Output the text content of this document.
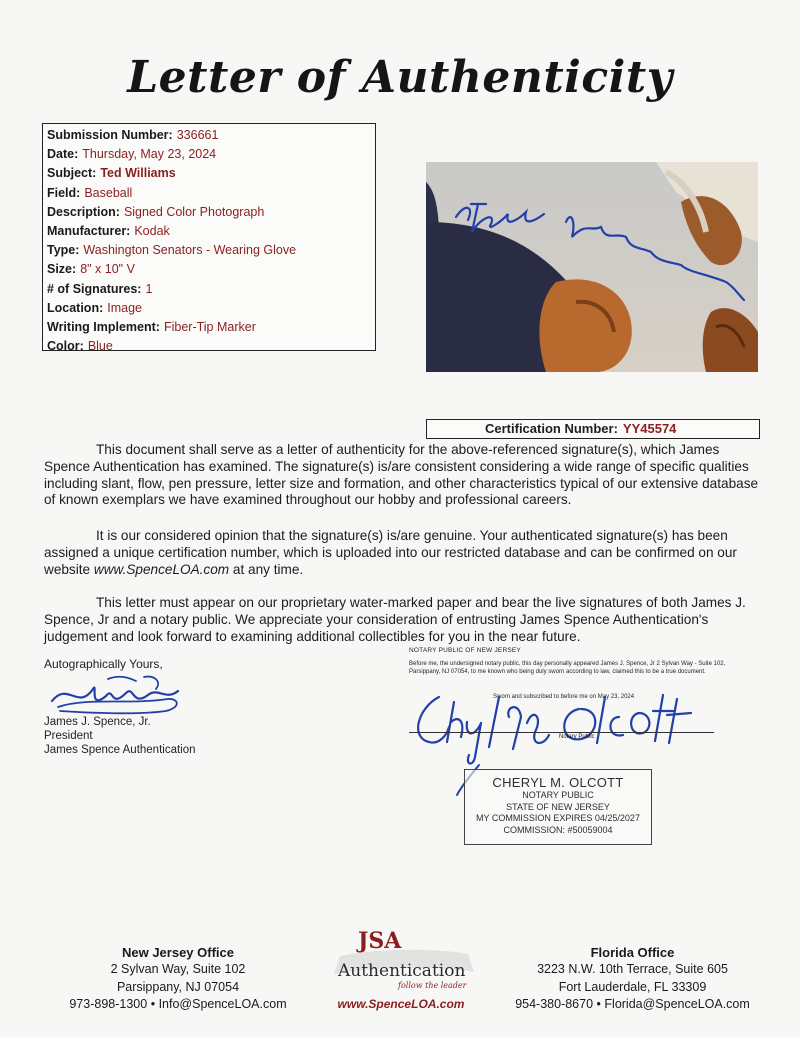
Letter of Authenticity
Submission Number: 336661
Date: Thursday, May 23, 2024
Subject: Ted Williams
Field: Baseball
Description: Signed Color Photograph
Manufacturer: Kodak
Type: Washington Senators - Wearing Glove
Size: 8" x 10" V
# of Signatures: 1
Location: Image
Writing Implement: Fiber-Tip Marker
Color: Blue
Certification Number: YY45574
This document shall serve as a letter of authenticity for the above-referenced signature(s), which James Spence Authentication has examined. The signature(s) is/are consistent considering a wide range of specific qualities including slant, flow, pen pressure, letter size and formation, and other characteristics typical of our extensive database of known exemplars we have examined throughout our hobby and professional careers.
It is our considered opinion that the signature(s) is/are genuine. Your authenticated signature(s) has been assigned a unique certification number, which is uploaded into our restricted database and can be confirmed on our website www.SpenceLOA.com at any time.
This letter must appear on our proprietary water-marked paper and bear the live signatures of both James J. Spence, Jr and a notary public. We appreciate your consideration of entrusting James Spence Authentication's judgement and look forward to examining additional collectibles for you in the near future.
Autographically Yours,
James J. Spence, Jr.
President
James Spence Authentication
NOTARY PUBLIC OF NEW JERSEY
Before me, the undersigned notary public, this day personally appeared James J. Spence, Jr 2 Sylvan Way - Suite 102, Parsippany, NJ 07054, to me known who being duly sworn according to law, claimed this to be a true document.
Sworn and subscribed to before me on May 23, 2024
Notary Public
CHERYL M. OLCOTT
NOTARY PUBLIC
STATE OF NEW JERSEY
MY COMMISSION EXPIRES 04/25/2027
COMMISSION: #50059004
New Jersey Office
2 Sylvan Way, Suite 102
Parsippany, NJ 07054
973-898-1300 • Info@SpenceLOA.com
JSA
Authentication
follow the leader
www.SpenceLOA.com
Florida Office
3223 N.W. 10th Terrace, Suite 605
Fort Lauderdale, FL 33309
954-380-8670 • Florida@SpenceLOA.com
